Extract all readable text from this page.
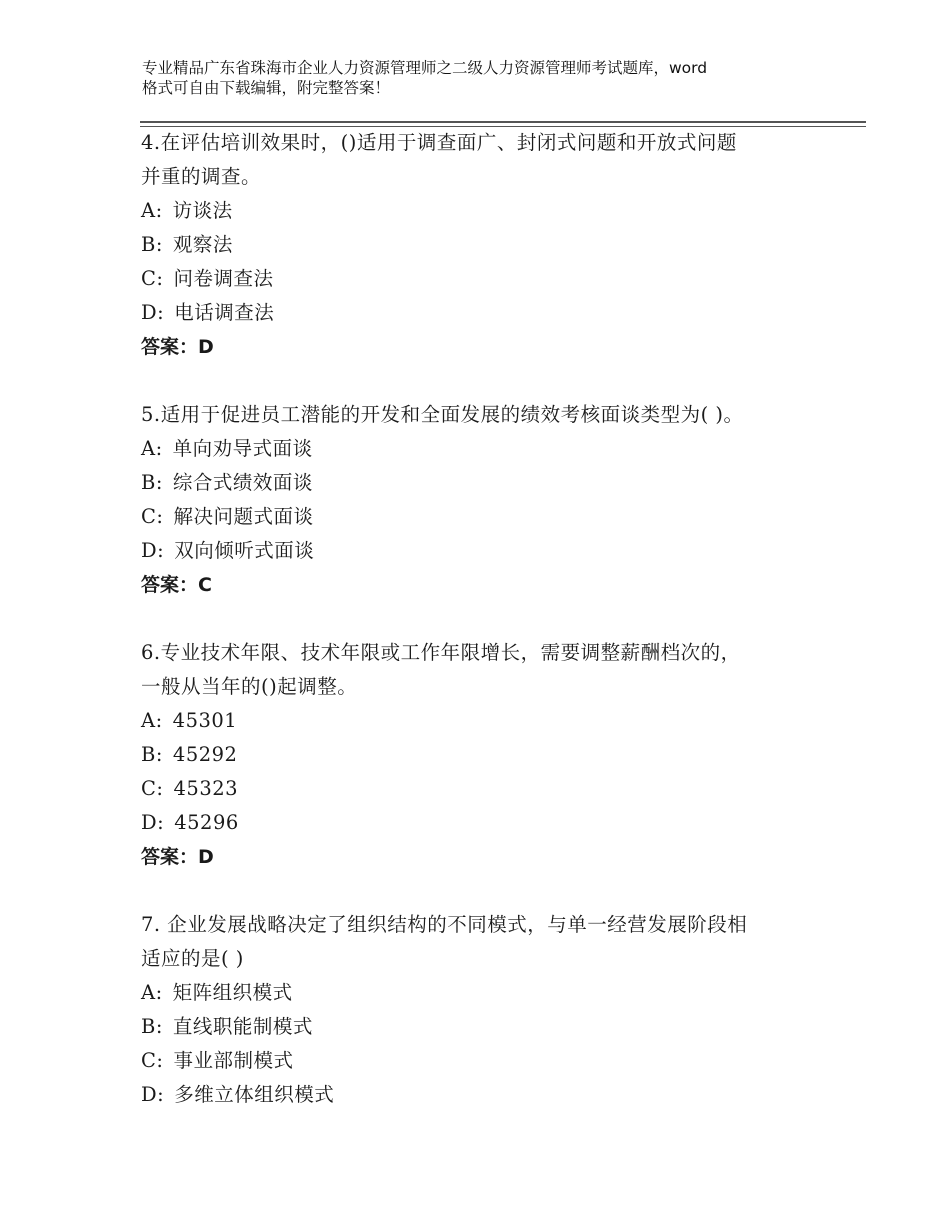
专业精品广东省珠海市企业人力资源管理师之二级人力资源管理师考试题库，word
格式可自由下载编辑，附完整答案！

4.在评估培训效果时，()适用于调查面广、封闭式问题和开放式问题

并重的调查。

A: 访谈法

B: 观察法

C: 问卷调查法

D: 电话调查法

答案：D

5.适用于促进员工潜能的开发和全面发展的绩效考核面谈类型为( )。

A: 单向劝导式面谈

B: 综合式绩效面谈

C: 解决问题式面谈

D: 双向倾听式面谈

答案：C

6.专业技术年限、技术年限或工作年限增长，需要调整薪酬档次的，

一般从当年的()起调整。

A: 45301

B: 45292

C: 45323

D: 45296

答案：D

7. 企业发展战略决定了组织结构的不同模式，与单一经营发展阶段相

适应的是( )

A: 矩阵组织模式

B: 直线职能制模式

C: 事业部制模式

D: 多维立体组织模式
